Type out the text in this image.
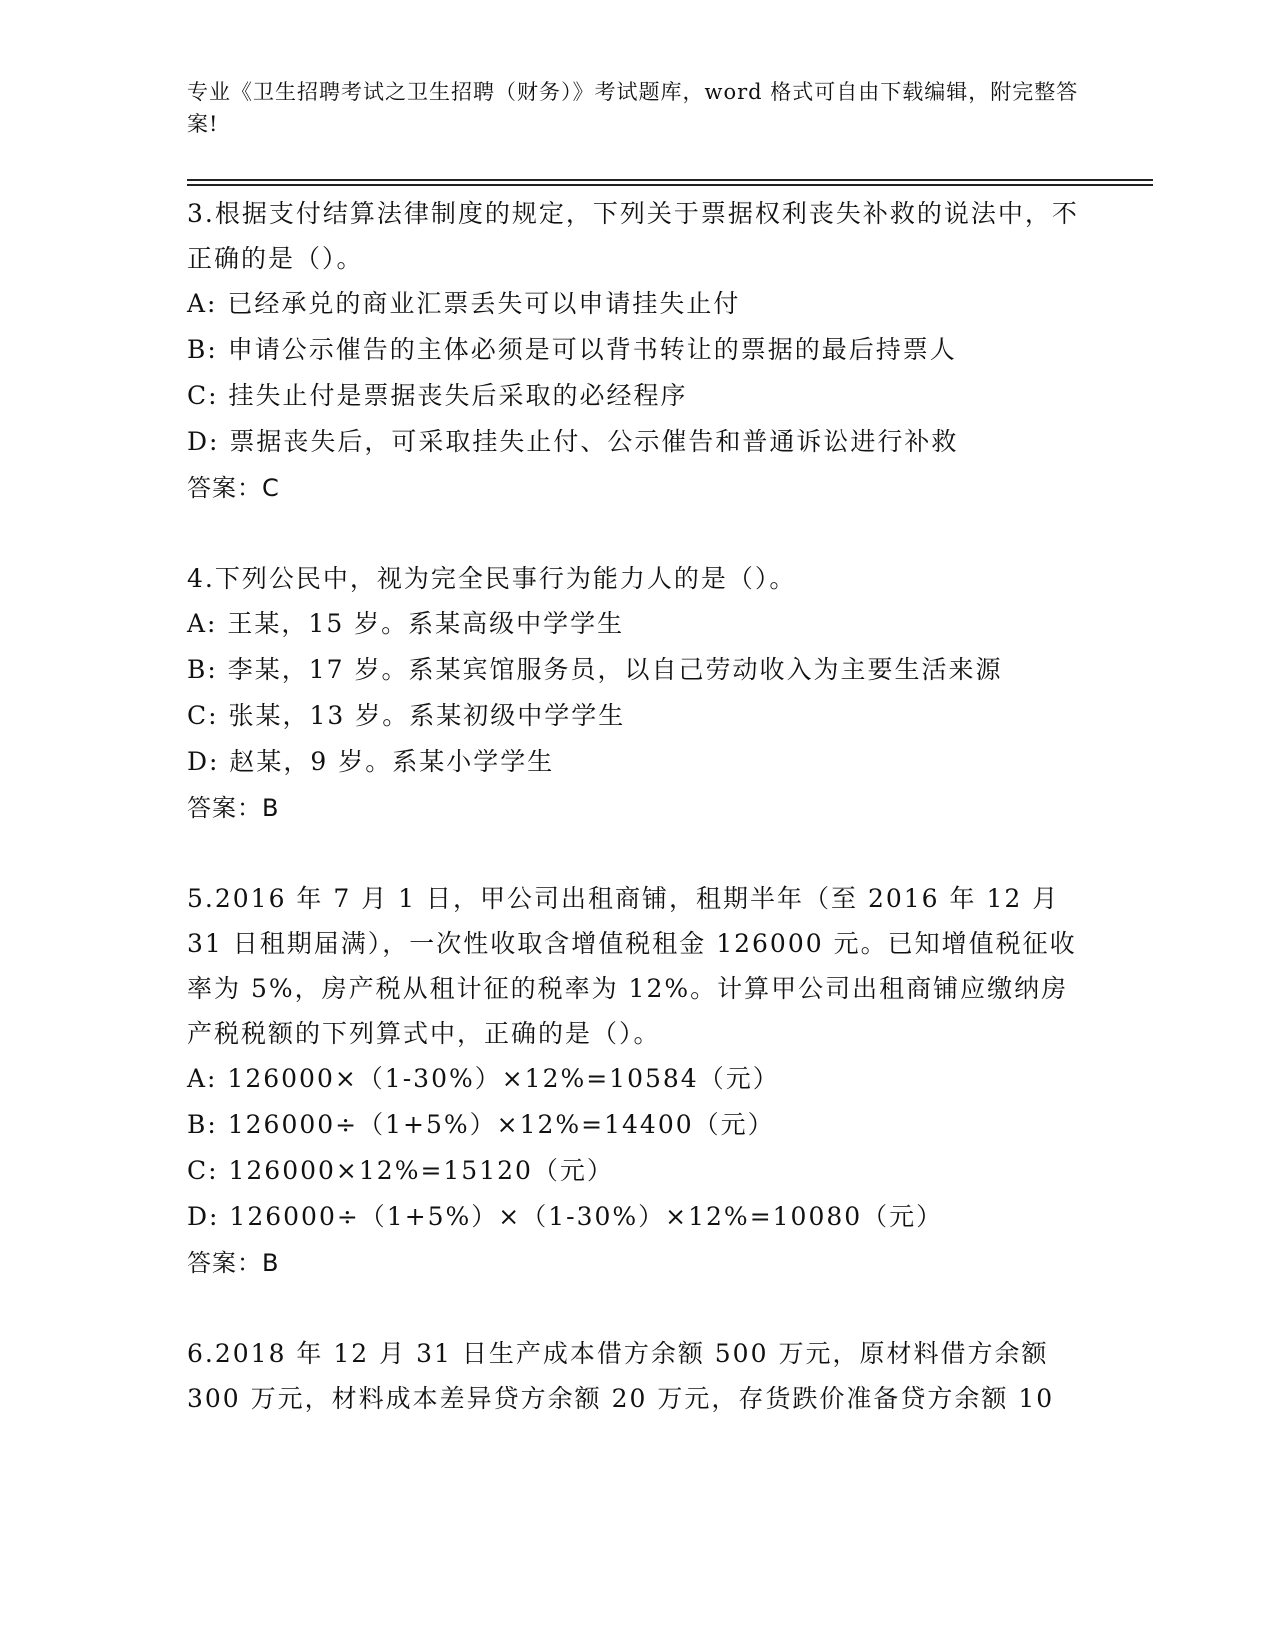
专业《卫生招聘考试之卫生招聘（财务）》考试题库，word 格式可自由下载编辑，附完整答案!

3.根据支付结算法律制度的规定，下列关于票据权利丧失补救的说法中，不正确的是（）。

A: 已经承兑的商业汇票丢失可以申请挂失止付

B: 申请公示催告的主体必须是可以背书转让的票据的最后持票人

C: 挂失止付是票据丧失后采取的必经程序

D: 票据丧失后，可采取挂失止付、公示催告和普通诉讼进行补救

答案：C

4.下列公民中，视为完全民事行为能力人的是（）。

A: 王某，15 岁。系某高级中学学生

B: 李某，17 岁。系某宾馆服务员，以自己劳动收入为主要生活来源

C: 张某，13 岁。系某初级中学学生

D: 赵某，9 岁。系某小学学生

答案：B

5.2016 年 7 月 1 日，甲公司出租商铺，租期半年（至 2016 年 12 月 31 日租期届满），一次性收取含增值税租金 126000 元。已知增值税征收率为 5%，房产税从租计征的税率为 12%。计算甲公司出租商铺应缴纳房产税税额的下列算式中，正确的是（）。

A: 126000×（1-30%）×12%=10584（元）

B: 126000÷（1+5%）×12%=14400（元）

C: 126000×12%=15120（元）

D: 126000÷（1+5%）×（1-30%）×12%=10080（元）

答案：B

6.2018 年 12 月 31 日生产成本借方余额 500 万元，原材料借方余额 300 万元，材料成本差异贷方余额 20 万元，存货跌价准备贷方余额 10
